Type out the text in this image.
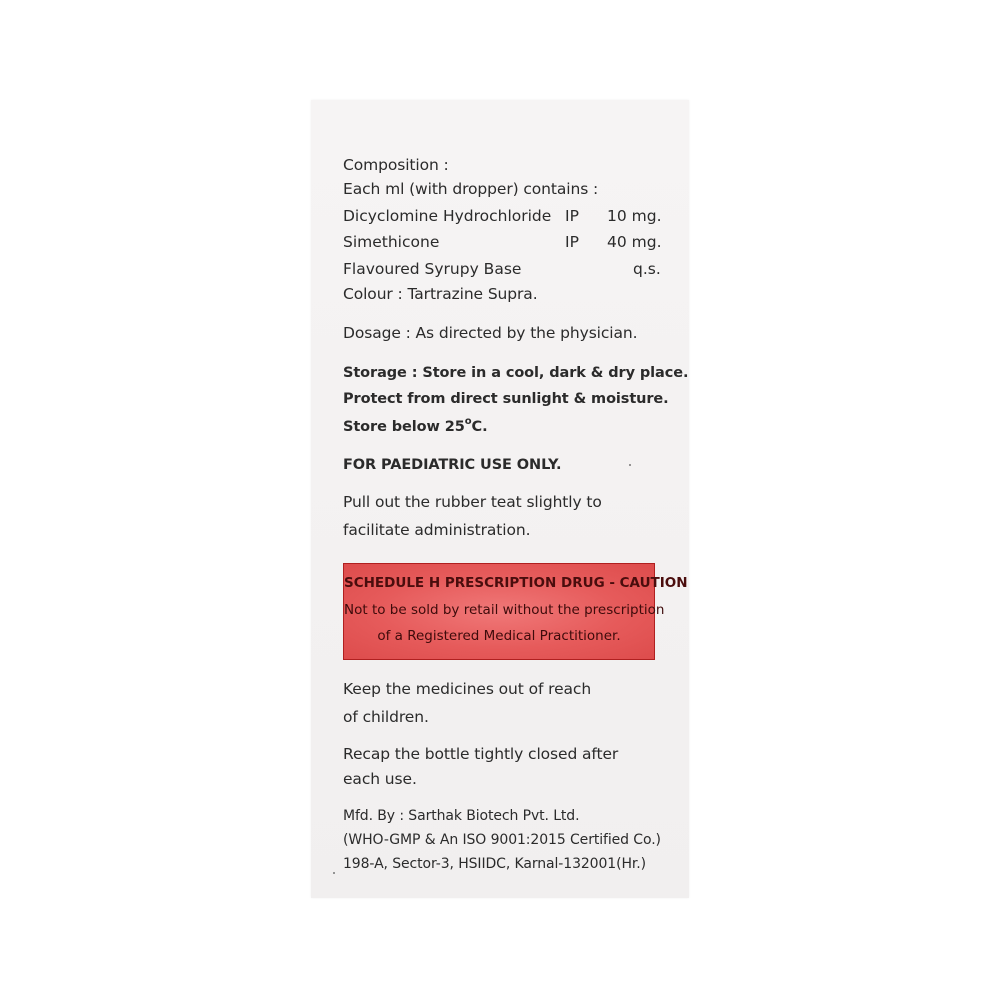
Composition :
Each ml (with dropper) contains :
Dicyclomine Hydrochloride IP 10 mg.
Simethicone	IP 40 mg.
Flavoured Syrupy Base	q.s.
Colour : Tartrazine Supra.
Dosage : As directed by the physician.
Storage : Store in a cool, dark & dry place.
Protect from direct sunlight & moisture.
Store below 25$^o$C.
FOR PAEDIATRIC USE ONLY.
Pull out the rubber teat slightly to
facilitate administration.
SCHEDULE H PRESCRIPTION DRUG - CAUTION
Not to be sold by retail without the prescription
of a Registered Medical Practitioner.
Keep the medicines out of reach
of children.
Recap the bottle tightly closed after
each use.
Mfd. By : Sarthak Biotech Pvt. Ltd.
(WHO-GMP & An ISO 9001:2015 Certified Co.)
198-A, Sector-3, HSIIDC, Karnal-132001(Hr.)
